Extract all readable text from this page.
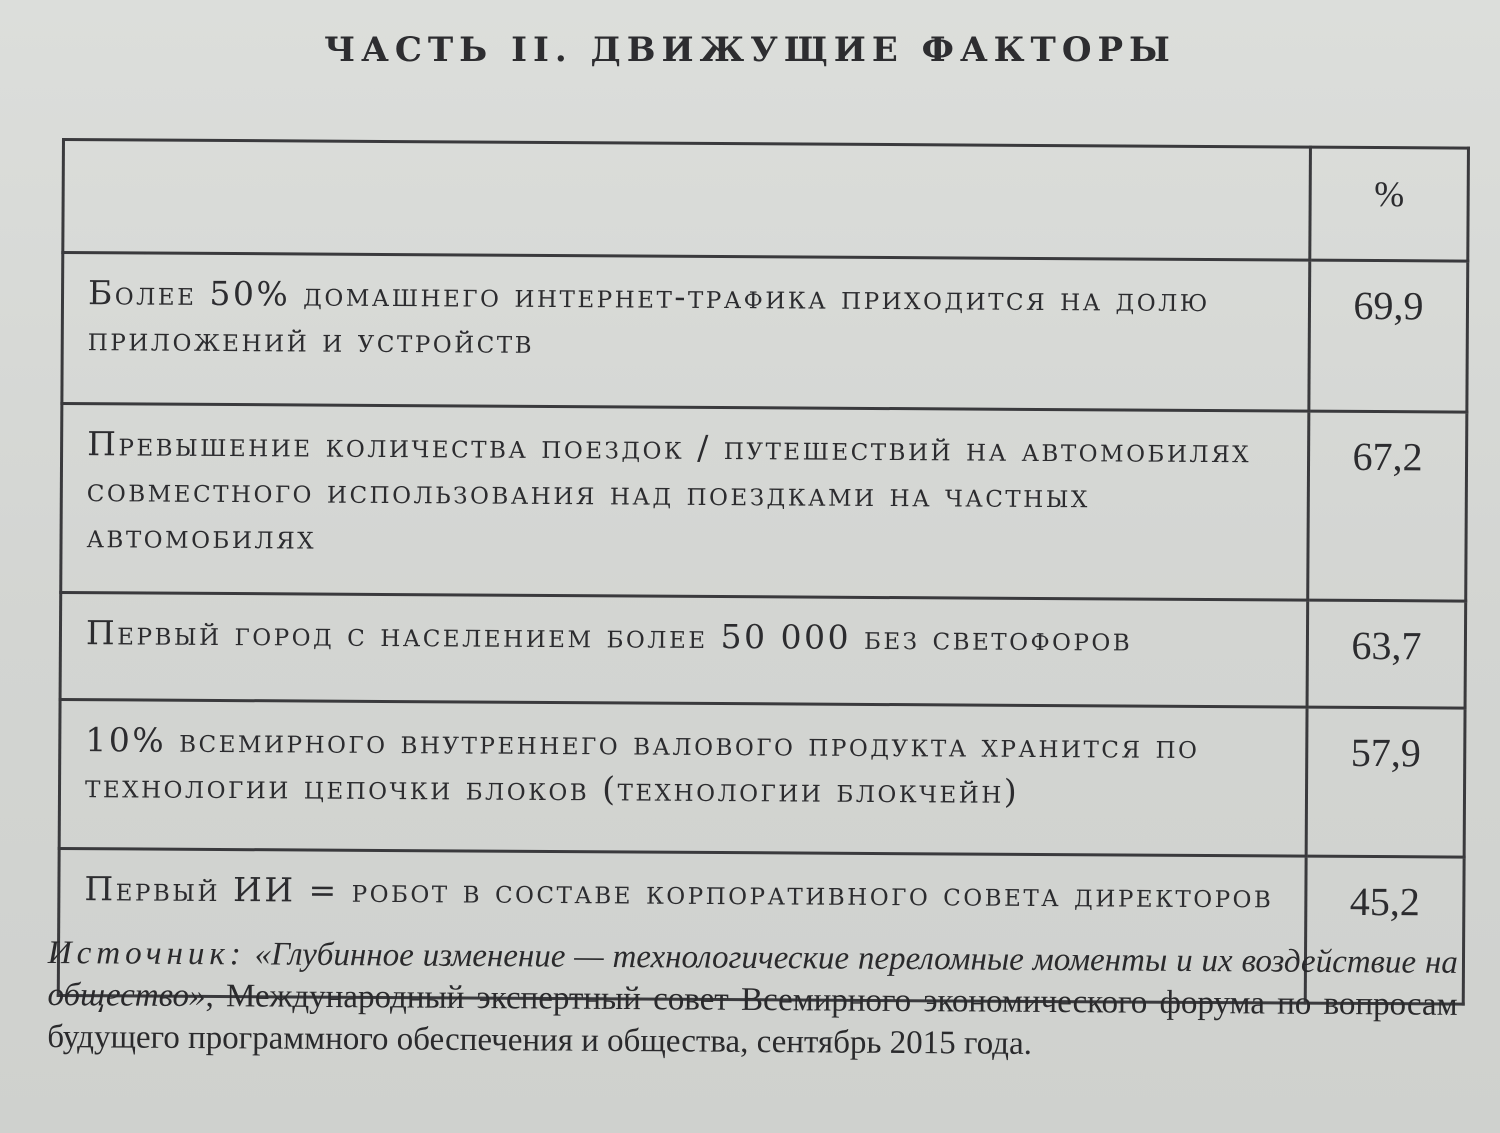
ЧАСТЬ II. ДВИЖУЩИЕ ФАКТОРЫ
	%
Более 50% домашнего интернет-трафика приходится на долю приложений и устройств	69,9
Превышение количества поездок / путешествий на автомобилях совместного использования над поездками на частных автомобилях	67,2
Первый город с населением более 50 000 без светофоров	63,7
10% всемирного внутреннего валового продукта хранится по технологии цепочки блоков (технологии блокчейн)	57,9
Первый ИИ = робот в составе корпоративного совета директоров	45,2
Источник: «Глубинное изменение — технологические переломные моменты и их воздействие на общество», Международный экспертный совет Всемирного экономического форума по вопросам будущего программного обеспечения и общества, сентябрь 2015 года.
